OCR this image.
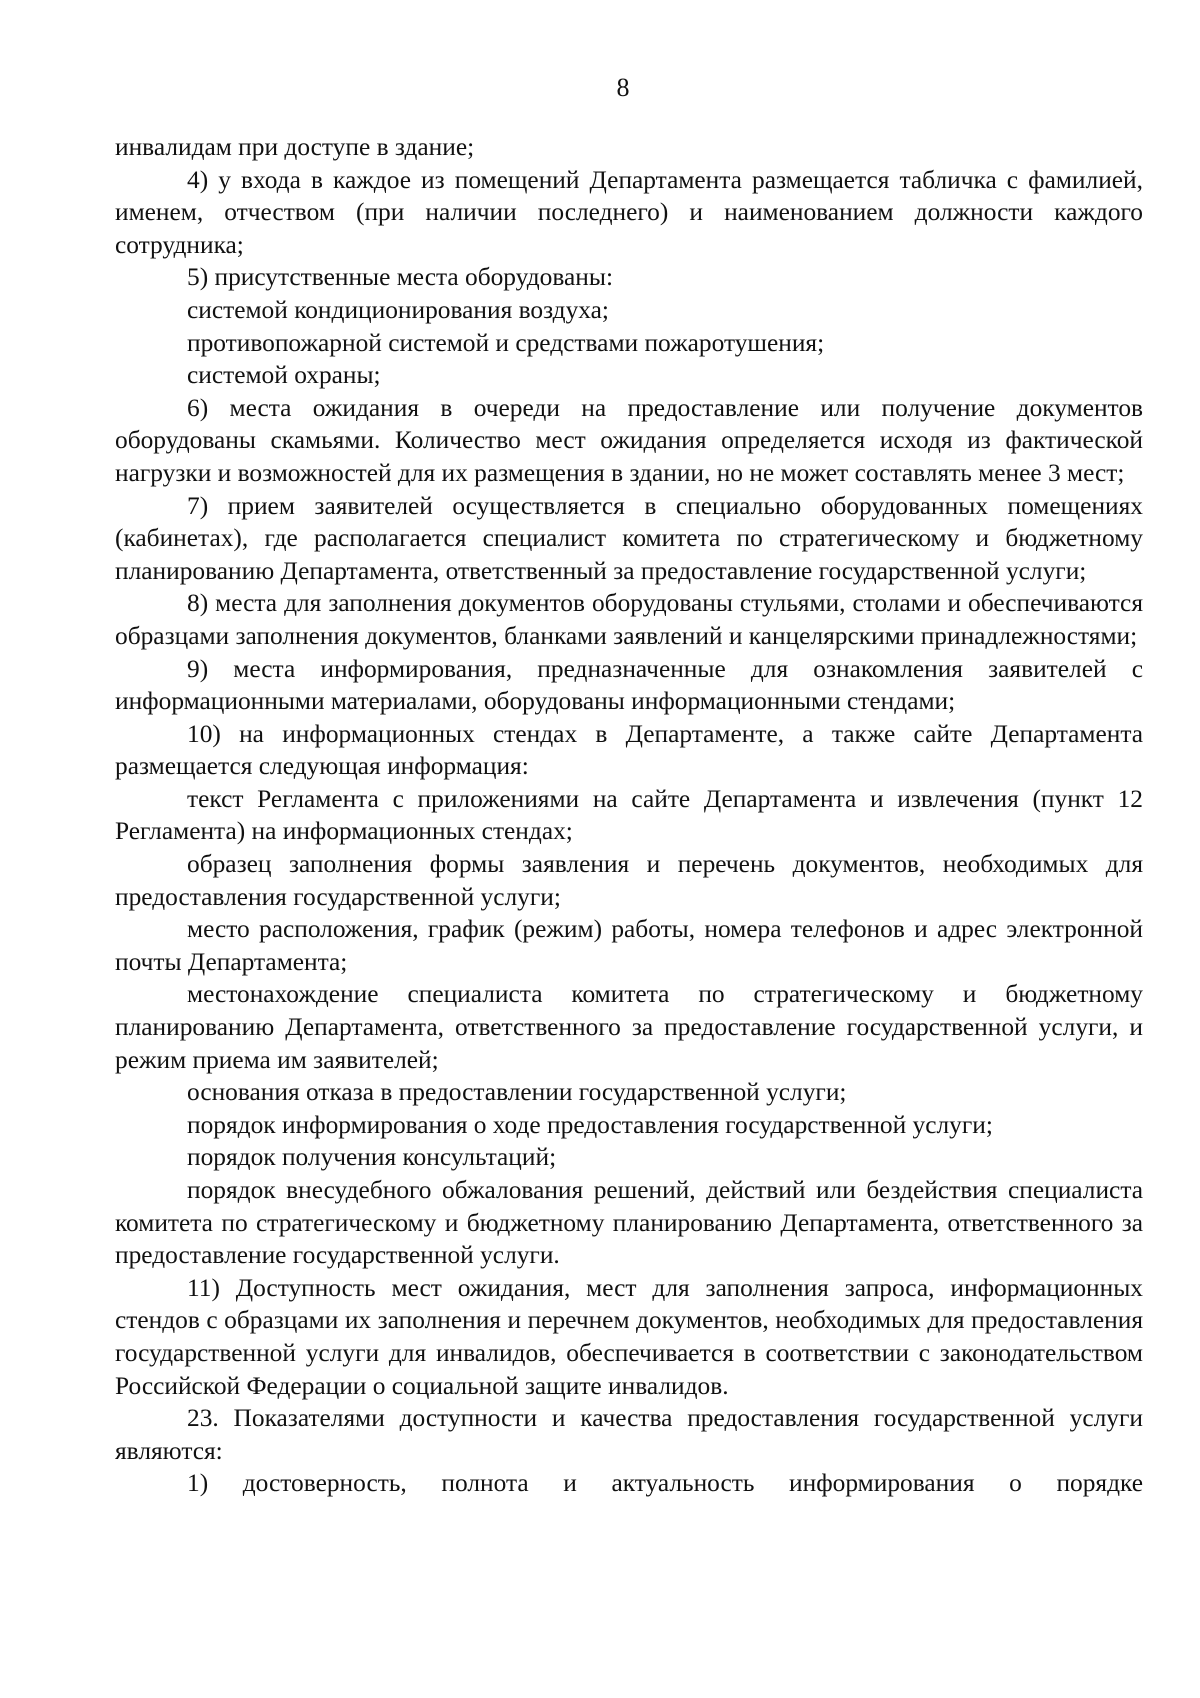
8

инвалидам при доступе в здание;

4) у входа в каждое из помещений Департамента размещается табличка с фамилией, именем, отчеством (при наличии последнего) и наименованием должности каждого сотрудника;

5) присутственные места оборудованы:

системой кондиционирования воздуха;

противопожарной системой и средствами пожаротушения;

системой охраны;

6) места ожидания в очереди на предоставление или получение документов оборудованы скамьями. Количество мест ожидания определяется исходя из фактической нагрузки и возможностей для их размещения в здании, но не может составлять менее 3 мест;

7) прием заявителей осуществляется в специально оборудованных помещениях (кабинетах), где располагается специалист комитета по стратегическому и бюджетному планированию Департамента, ответственный за предоставление государственной услуги;

8) места для заполнения документов оборудованы стульями, столами и обеспечиваются образцами заполнения документов, бланками заявлений и канцелярскими принадлежностями;

9) места информирования, предназначенные для ознакомления заявителей с информационными материалами, оборудованы информационными стендами;

10) на информационных стендах в Департаменте, а также сайте Департамента размещается следующая информация:

текст Регламента с приложениями на сайте Департамента и извлечения (пункт 12 Регламента) на информационных стендах;

образец заполнения формы заявления и перечень документов, необходимых для предоставления государственной услуги;

место расположения, график (режим) работы, номера телефонов и адрес электронной почты Департамента;

местонахождение специалиста комитета по стратегическому и бюджетному планированию Департамента, ответственного за предоставление государственной услуги, и режим приема им заявителей;

основания отказа в предоставлении государственной услуги;

порядок информирования о ходе предоставления государственной услуги;

порядок получения консультаций;

порядок внесудебного обжалования решений, действий или бездействия специалиста комитета по стратегическому и бюджетному планированию Департамента, ответственного за предоставление государственной услуги.

11) Доступность мест ожидания, мест для заполнения запроса, информационных стендов с образцами их заполнения и перечнем документов, необходимых для предоставления государственной услуги для инвалидов, обеспечивается в соответствии с законодательством Российской Федерации о социальной защите инвалидов.

23. Показателями доступности и качества предоставления государственной услуги являются:

1) достоверность, полнота и актуальность информирования о порядке
